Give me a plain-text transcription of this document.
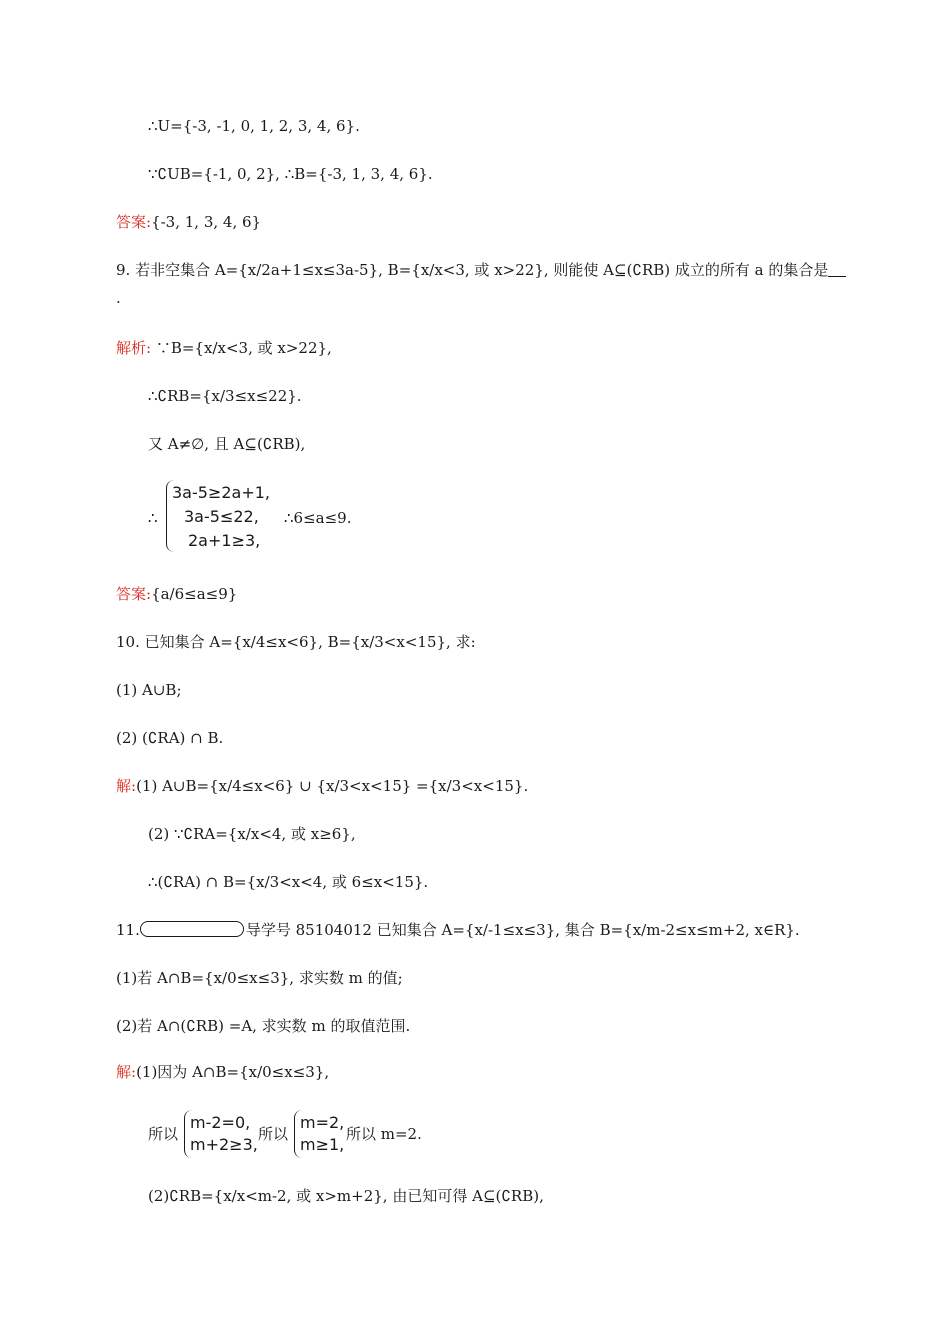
∴U={-3, -1, 0, 1, 2, 3, 4, 6}.
∵∁UB={-1, 0, 2}, ∴B={-3, 1, 3, 4, 6}.
答案:{-3, 1, 3, 4, 6}
9. 若非空集合 A={x/2a+1≤x≤3a-5}, B={x/x<3, 或 x>22}, 则能使 A⊆(∁RB) 成立的所有 a 的集合是
.
解析: ∵B={x/x<3, 或 x>22},
∴∁RB={x/3≤x≤22}.
又 A≠∅, 且 A⊆(∁RB),
∴
3a-5≥2a+1,
3a-5≤22,
2a+1≥3,
∴6≤a≤9.
答案:{a/6≤a≤9}
10. 已知集合 A={x/4≤x<6}, B={x/3<x<15}, 求:
(1) A∪B;
(2) (∁RA) ∩ B.
解:(1) A∪B={x/4≤x<6} ∪ {x/3<x<15} ={x/3<x<15}.
(2) ∵∁RA={x/x<4, 或 x≥6},
∴(∁RA) ∩ B={x/3<x<4, 或 6≤x<15}.
11.	导学号 85104012 已知集合 A={x/-1≤x≤3}, 集合 B={x/m-2≤x≤m+2, x∈R}.
(1)若 A∩B={x/0≤x≤3}, 求实数 m 的值;
(2)若 A∩(∁RB) =A, 求实数 m 的取值范围.
解:(1)因为 A∩B={x/0≤x≤3},
所以
m-2=0,
m+2≥3,
所以
m=2,
m≥1,
所以 m=2.
(2)∁RB={x/x<m-2, 或 x>m+2}, 由已知可得 A⊆(∁RB),
